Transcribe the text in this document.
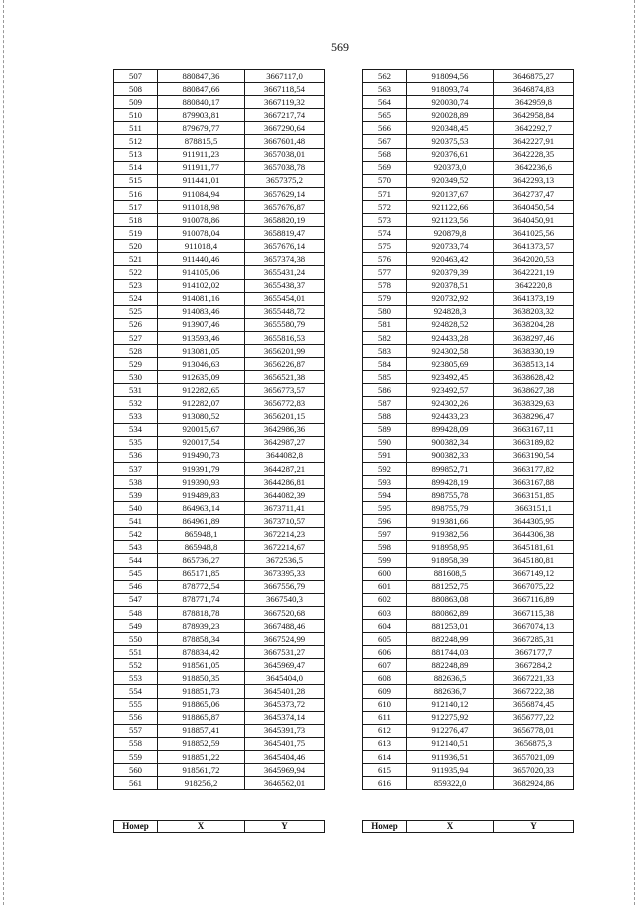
569
507	880847,36	3667117,0
508	880847,66	3667118,54
509	880840,17	3667119,32
510	879903,81	3667217,74
511	879679,77	3667290,64
512	878815,5	3667601,48
513	911911,23	3657038,01
514	911911,77	3657038,78
515	911441,01	3657375,2
516	911084,94	3657629,14
517	911018,98	3657676,87
518	910078,86	3658820,19
519	910078,04	3658819,47
520	911018,4	3657676,14
521	911440,46	3657374,38
522	914105,06	3655431,24
523	914102,02	3655438,37
524	914081,16	3655454,01
525	914083,46	3655448,72
526	913907,46	3655580,79
527	913593,46	3655816,53
528	913081,05	3656201,99
529	913046,63	3656226,87
530	912635,09	3656521,38
531	912282,65	3656773,57
532	912282,07	3656772,83
533	913080,52	3656201,15
534	920015,67	3642986,36
535	920017,54	3642987,27
536	919490,73	3644082,8
537	919391,79	3644287,21
538	919390,93	3644286,81
539	919489,83	3644082,39
540	864963,14	3673711,41
541	864961,89	3673710,57
542	865948,1	3672214,23
543	865948,8	3672214,67
544	865736,27	3672536,5
545	865171,85	3673395,33
546	878772,54	3667556,79
547	878771,74	3667540,3
548	878818,78	3667520,68
549	878939,23	3667488,46
550	878858,34	3667524,99
551	878834,42	3667531,27
552	918561,05	3645969,47
553	918850,35	3645404,0
554	918851,73	3645401,28
555	918865,06	3645373,72
556	918865,87	3645374,14
557	918857,41	3645391,73
558	918852,59	3645401,75
559	918851,22	3645404,46
560	918561,72	3645969,94
561	918256,2	3646562,01
562	918094,56	3646875,27
563	918093,74	3646874,83
564	920030,74	3642959,8
565	920028,89	3642958,84
566	920348,45	3642292,7
567	920375,53	3642227,91
568	920376,61	3642228,35
569	920373,0	3642236,6
570	920349,52	3642293,13
571	920137,67	3642737,47
572	921122,66	3640450,54
573	921123,56	3640450,91
574	920879,8	3641025,56
575	920733,74	3641373,57
576	920463,42	3642020,53
577	920379,39	3642221,19
578	920378,51	3642220,8
579	920732,92	3641373,19
580	924828,3	3638203,32
581	924828,52	3638204,28
582	924433,28	3638297,46
583	924302,58	3638330,19
584	923805,69	3638513,14
585	923492,45	3638628,42
586	923492,57	3638627,38
587	924302,26	3638329,63
588	924433,23	3638296,47
589	899428,09	3663167,11
590	900382,34	3663189,82
591	900382,33	3663190,54
592	899852,71	3663177,82
593	899428,19	3663167,88
594	898755,78	3663151,85
595	898755,79	3663151,1
596	919381,66	3644305,95
597	919382,56	3644306,38
598	918958,95	3645181,61
599	918958,39	3645180,81
600	881608,5	3667149,12
601	881252,75	3667075,22
602	880863,08	3667116,89
603	880862,89	3667115,38
604	881253,01	3667074,13
605	882248,99	3667285,31
606	881744,03	3667177,7
607	882248,89	3667284,2
608	882636,5	3667221,33
609	882636,7	3667222,38
610	912140,12	3656874,45
611	912275,92	3656777,22
612	912276,47	3656778,01
613	912140,51	3656875,3
614	911936,51	3657021,09
615	911935,94	3657020,33
616	859322,0	3682924,86
Номер	X	Y	Номер	X	Y
